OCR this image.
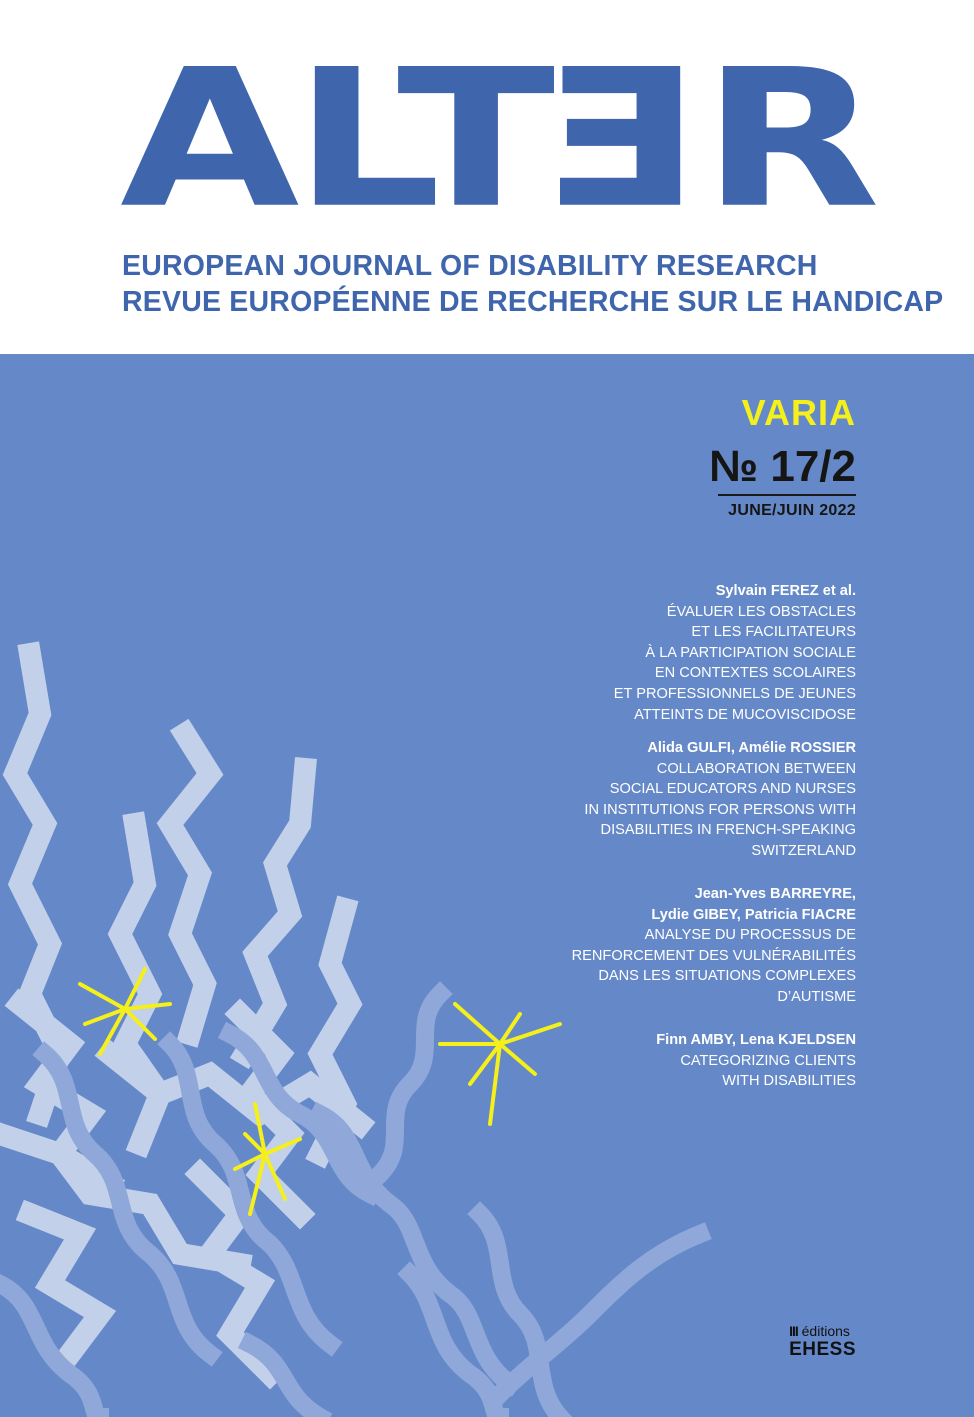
ALTER
EUROPEAN JOURNAL OF DISABILITY RESEARCH
REVUE EUROPÉENNE DE RECHERCHE SUR LE HANDICAP
VARIA
№ 17/2
JUNE/JUIN 2022
Sylvain FEREZ et al.
ÉVALUER LES OBSTACLES
ET LES FACILITATEURS
À LA PARTICIPATION SOCIALE
EN CONTEXTES SCOLAIRES
ET PROFESSIONNELS DE JEUNES
ATTEINTS DE MUCOVISCIDOSE
Alida GULFI, Amélie ROSSIER
COLLABORATION BETWEEN
SOCIAL EDUCATORS AND NURSES
IN INSTITUTIONS FOR PERSONS WITH
DISABILITIES IN FRENCH-SPEAKING
SWITZERLAND
Jean-Yves BARREYRE,
Lydie GIBEY, Patricia FIACRE
ANALYSE DU PROCESSUS DE
RENFORCEMENT DES VULNÉRABILITÉS
DANS LES SITUATIONS COMPLEXES
D’AUTISME
Finn AMBY, Lena KJELDSEN
CATEGORIZING CLIENTS
WITH DISABILITIES
III éditions
EHESS
